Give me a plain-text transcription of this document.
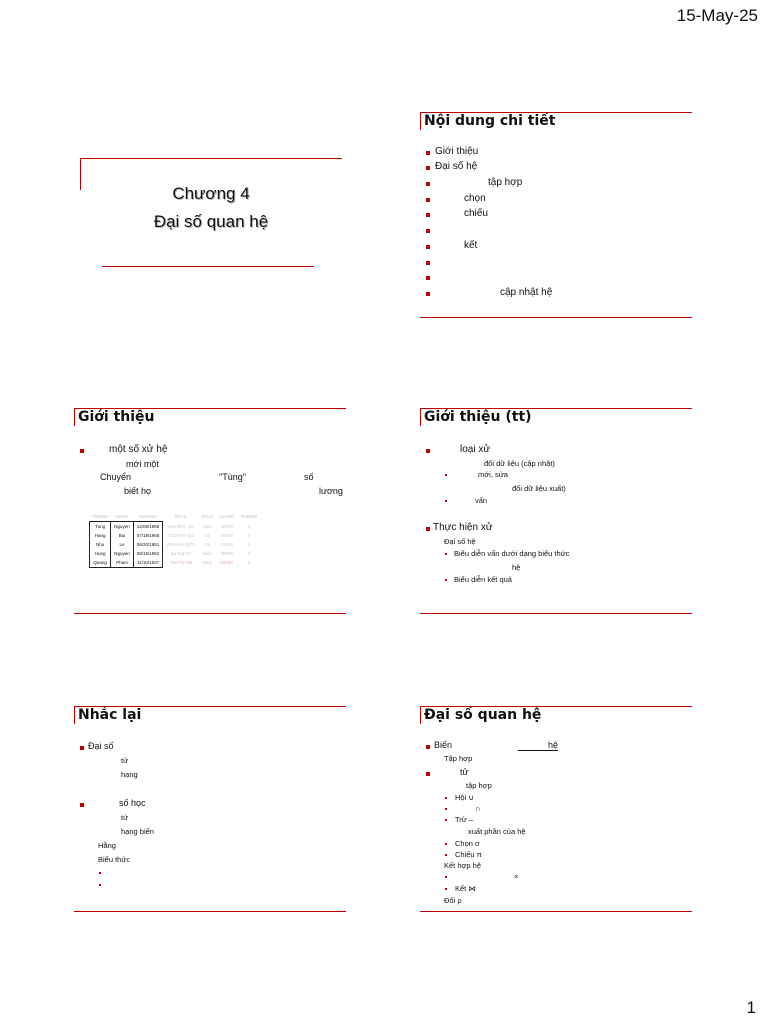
15-May-25
Chương 4
Đại số quan hệ
Nội dung chi tiết
Giới thiệu
Đại số hệ
tập hợp
chọn
chiếu
kết
cập nhật hệ
Giới thiệu
một số xử hệ
mới một
Chuyển	"Tùng"	số
biết họ	lương
TENNV	HONV	NGSINH	DCHI	PHAI	LUONG	PHONG
Tung	Nguyen	12/08/1955	638 NVC Q5	Nam	40000	5
Hang	Bui	07/19/1968	332 NTH Q1	Nu	25000	4
Nhu	Le	06/20/1951	291 HVH QPN	Nu	43000	4
Hung	Nguyen	09/15/1962	Ba Ria VT	Nam	38000	5
Quang	Pham	11/10/1937	450 TV HN	Nam	55000	1
Giới thiệu (tt)
loại xử
đổi dữ liệu (cập nhật)
mới, sửa
đổi dữ liệu xuất)
vấn
Thực hiện xử
Đại số hệ
Biểu diễn vấn dưới dạng biểu thức
hệ
Biểu diễn kết quả
Nhắc lại
Đại số
tử
hạng
số học
tử
hạng biến
Hằng
Biểu thức
Đại số quan hệ
Biến	hệ
Tập hợp
tử
tập hợp
Hội ∪
∩
Trừ –
xuất phần của hệ
Chọn σ
Chiếu π
Kết hợp hệ
×
Kết ⋈
Đổi ρ
1
